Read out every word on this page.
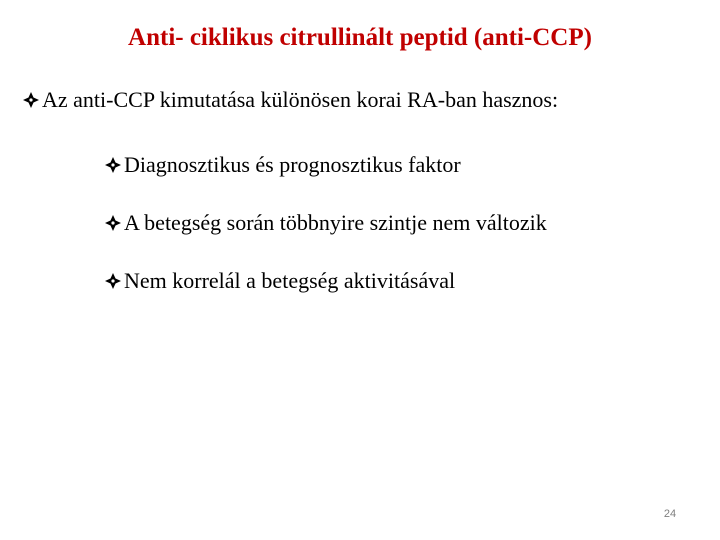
Anti- ciklikus citrullinált peptid (anti-CCP)
Az anti-CCP kimutatása különösen korai RA-ban hasznos:
Diagnosztikus és prognosztikus faktor
A betegség során többnyire szintje nem változik
Nem korrelál a betegség aktivitásával
24
